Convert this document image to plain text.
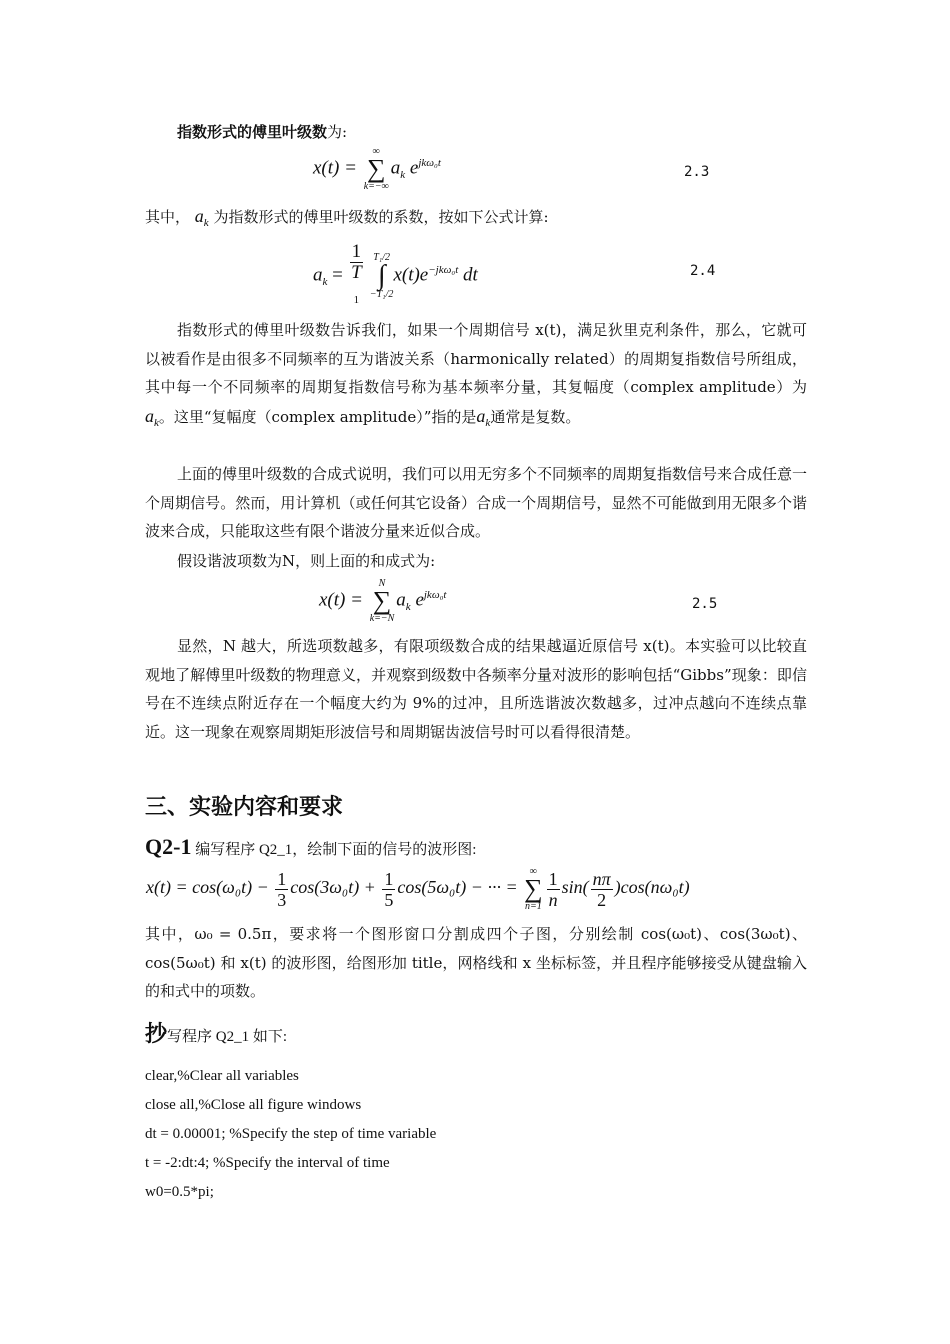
指数形式的傅里叶级数为:

x(t) =
∞
∑
k=−∞
$a_k$ $e^{jk\omega_0t}$
2.3

其中， $a_k$ 为指数形式的傅里叶级数的系数，按如下公式计算:

$a_k = 1$
T
$_1$
	T₁/2
∫
−T₁/2
$x(t)e^{-jk\omega_0t}$ dt	2.4

指数形式的傅里叶级数告诉我们，如果一个周期信号 x(t)，满足狄里克利条件，那么，它就可以被看作是由很多不同频率的互为谐波关系（harmonically related）的周期复指数信号所组成，其中每一个不同频率的周期复指数信号称为基本频率分量，其复幅度（complex amplitude）为$a_k$。这里“复幅度（complex amplitude）”指的是$a_k$通常是复数。

上面的傅里叶级数的合成式说明，我们可以用无穷多个不同频率的周期复指数信号来合成任意一个周期信号。然而，用计算机（或任何其它设备）合成一个周期信号，显然不可能做到用无限多个谐波来合成，只能取这些有限个谐波分量来近似合成。

假设谐波项数为N，则上面的和成式为:

x(t) =
N
∑
k=−N
$a_k$ $e^{jk\omega_0t}$
2.5

显然，N 越大，所选项数越多，有限项级数合成的结果越逼近原信号 x(t)。本实验可以比较直观地了解傅里叶级数的物理意义，并观察到级数中各频率分量对波形的影响包括“Gibbs”现象：即信号在不连续点附近存在一个幅度大约为 9%的过冲，且所选谐波次数越多，过冲点越向不连续点靠近。这一现象在观察周期矩形波信号和周期锯齿波信号时可以看得很清楚。

三、实验内容和要求

Q2-1 编写程序 Q2_1，绘制下面的信号的波形图:

$x(t) = \cos(\omega_0t) - \frac{1}{3} \cos(3\omega_0t) + \frac{1}{5} \cos(5\omega_0t)$ − ··· =
∞
∑
$n=1 \frac{1}{n} \sin( \frac{n\pi}{2} )\cos(n\omega_0t)$

其中，ω₀ = 0.5π，要求将一个图形窗口分割成四个子图，分别绘制 cos(ω₀t)、cos(3ω₀t)、cos(5ω₀t) 和 x(t) 的波形图，给图形加 title，网格线和 x 坐标标签，并且程序能够接受从键盘输入的和式中的项数。

抄写程序 Q2_1 如下:

clear,%Clear all variables
close all,%Close all figure windows
dt = 0.00001; %Specify the step of time variable
t = -2:dt:4; %Specify the interval of time
w0=0.5*pi;
